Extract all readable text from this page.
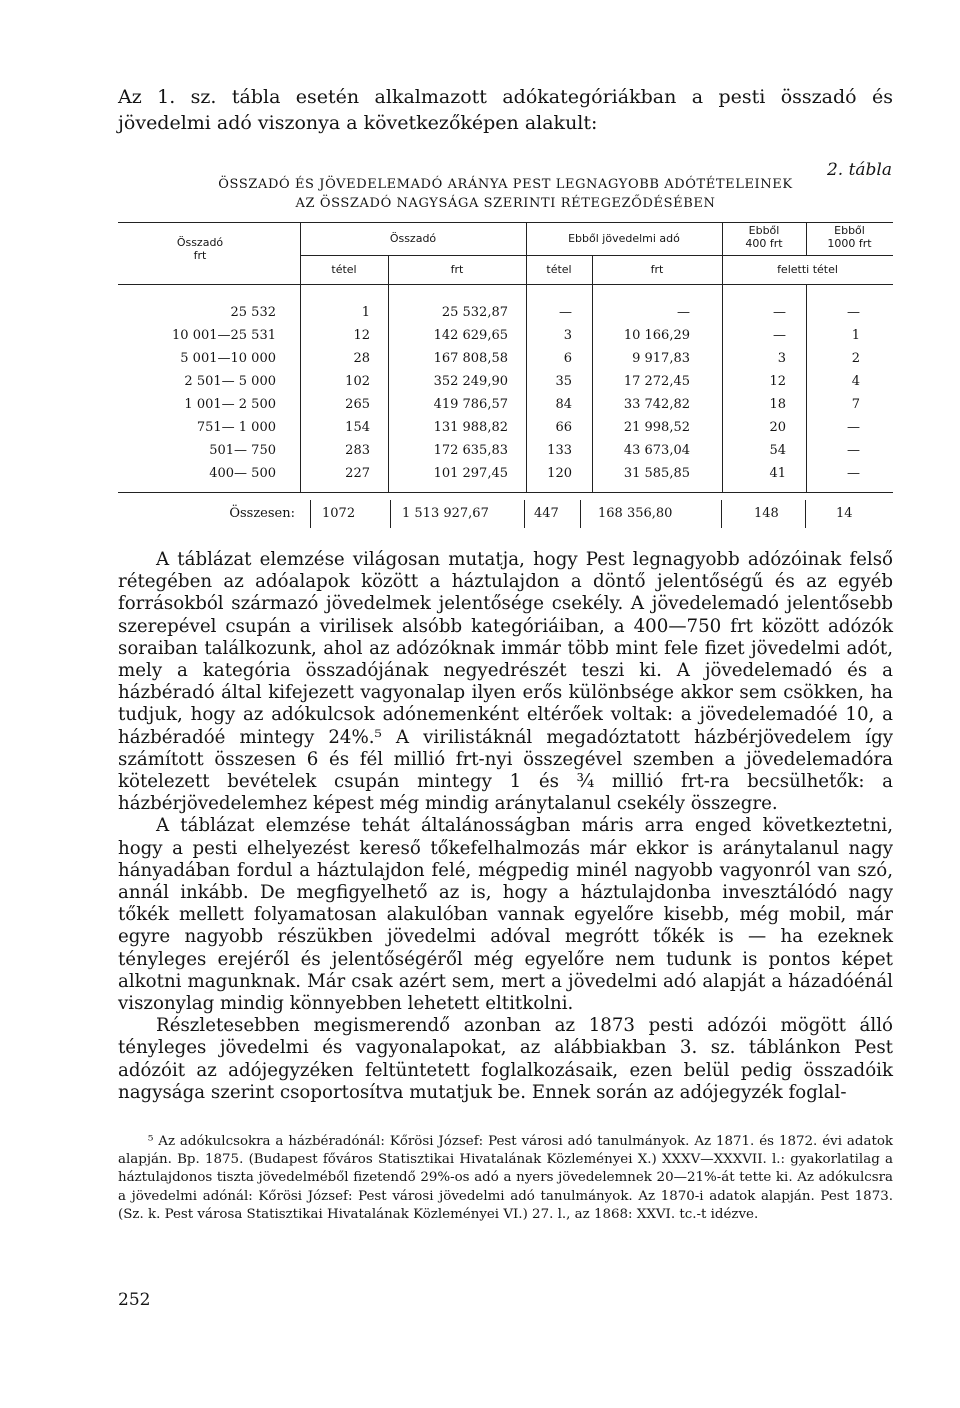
Az 1. sz. tábla esetén alkalmazott adókategóriákban a pesti összadó és jövedelmi adó viszonya a következőképen alakult:
2. tábla
ÖSSZADÓ ÉS JÖVEDELEMADÓ ARÁNYA PEST LEGNAGYOBB ADÓTÉTELEINEK
AZ ÖSSZADÓ NAGYSÁGA SZERINTI RÉTEGEZŐDÉSÉBEN
Összadó
frt
Összadó	Ebből jövedelmi adó
Ebből
400 frt
Ebből
1000 frt
tétel	frt	tétel	frt	feletti tétel
25 532	1	25 532,87	—	—	—	—
10 001—25 531	12	142 629,65	3	10 166,29	—	1
5 001—10 000	28	167 808,58	6	9 917,83	3	2
2 501— 5 000	102	352 249,90	35	17 272,45	12	4
1 001— 2 500	265	419 786,57	84	33 742,82	18	7
751— 1 000	154	131 988,82	66	21 998,52	20	—
501— 750	283	172 635,83	133	43 673,04	54	—
400— 500	227	101 297,45	120	31 585,85	41	—
Összesen: 1072	1 513 927,67	447	168 356,80	148	14

A táblázat elemzése világosan mutatja, hogy Pest legnagyobb adózóinak felső rétegében az adóalapok között a háztulajdon a döntő jelentőségű és az egyéb forrásokból származó jövedelmek jelentősége csekély. A jövedelemadó jelentősebb szerepével csupán a virilisek alsóbb kategóriáiban, a 400—750 frt között adózók soraiban találkozunk, ahol az adózóknak immár több mint fele fizet jövedelmi adót, mely a kategória összadójának negyedrészét teszi ki. A jövedelemadó és a házbéradó által kifejezett vagyonalap ilyen erős különbsége akkor sem csökken, ha tudjuk, hogy az adókulcsok adónemenként eltérőek voltak: a jövedelemadóé 10, a házbéradóé mintegy 24%.⁵ A virilistáknál megadóztatott házbérjövedelem így számított összesen 6 és fél millió frt-nyi összegével szemben a jövedelemadóra kötelezett bevételek csupán mintegy 1 és ¾ millió frt-ra becsülhetők: a házbérjövedelemhez képest még mindig aránytalanul csekély összegre.

A táblázat elemzése tehát általánosságban máris arra enged következtetni, hogy a pesti elhelyezést kereső tőkefelhalmozás már ekkor is aránytalanul nagy hányadában fordul a háztulajdon felé, mégpedig minél nagyobb vagyonról van szó, annál inkább. De megfigyelhető az is, hogy a háztulajdonba invesztálódó nagy tőkék mellett folyamatosan alakulóban vannak egyelőre kisebb, még mobil, már egyre nagyobb részükben jövedelmi adóval megrótt tőkék is — ha ezeknek tényleges erejéről és jelentőségéről még egyelőre nem tudunk is pontos képet alkotni magunknak. Már csak azért sem, mert a jövedelmi adó alapját a házadóénál viszonylag mindig könnyebben lehetett eltitkolni.

Részletesebben megismerendő azonban az 1873 pesti adózói mögött álló tényleges jövedelmi és vagyonalapokat, az alábbiakban 3. sz. táblánkon Pest adózóit az adójegyzéken feltüntetett foglalkozásaik, ezen belül pedig összadóik nagysága szerint csoportosítva mutatjuk be. Ennek során az adójegyzék foglal-

⁵ Az adókulcsokra a házbéradónál: Kőrösi József: Pest városi adó tanulmányok. Az 1871. és 1872. évi adatok alapján. Bp. 1875. (Budapest főváros Statisztikai Hivatalának Közleményei X.) XXXV—XXXVII. l.: gyakorlatilag a háztulajdonos tiszta jövedelméből fizetendő 29%-os adó a nyers jövedelemnek 20—21%-át tette ki. Az adókulcsra a jövedelmi adónál: Kőrösi József: Pest városi jövedelmi adó tanulmányok. Az 1870-i adatok alapján. Pest 1873. (Sz. k. Pest városa Statisztikai Hivatalának Közleményei VI.) 27. l., az 1868: XXVI. tc.-t idézve.
252
